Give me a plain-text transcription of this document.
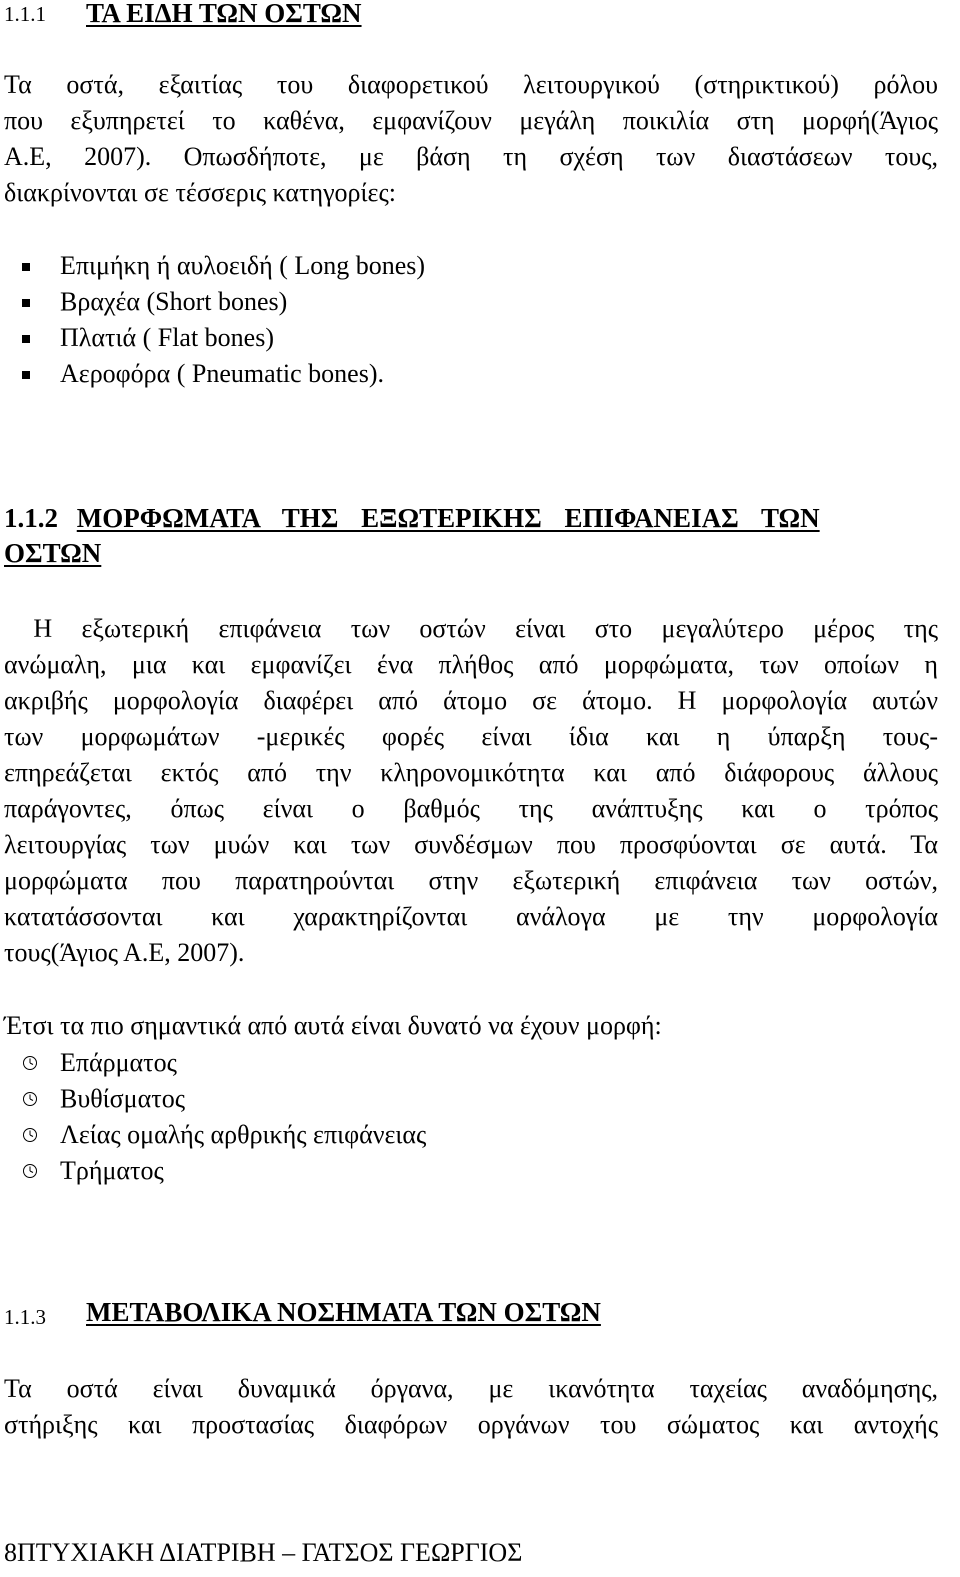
1.1.1 ΤΑ ΕΙΔΗ ΤΩΝ ΟΣΤΩΝ
Τα οστά, εξαιτίας του διαφορετικού λειτουργικού (στηρικτικού) ρόλου
που εξυπηρετεί το καθένα, εμφανίζουν μεγάλη ποικιλία στη μορφή(Άγιος
Α.Ε, 2007). Οπωσδήποτε, με βάση τη σχέση των διαστάσεων τους,
διακρίνονται σε τέσσερις κατηγορίες:
Επιμήκη ή αυλοειδή ( Long bones)
Βραχέα (Short bones)
Πλατιά ( Flat bones)
Αεροφόρα ( Pneumatic bones).
1.1.2 ΜΟΡΦΩΜΑΤΑ ΤΗΣ ΕΞΩΤΕΡΙΚΗΣ ΕΠΙΦΑΝΕΙΑΣ ΤΩΝ
ΟΣΤΩΝ
Η εξωτερική επιφάνεια των οστών είναι στο μεγαλύτερο μέρος της
ανώμαλη, μια και εμφανίζει ένα πλήθος από μορφώματα, των οποίων η
ακριβής μορφολογία διαφέρει από άτομο σε άτομο. Η μορφολογία αυτών
των μορφωμάτων -μερικές φορές είναι ίδια και η ύπαρξη τους-
επηρεάζεται εκτός από την κληρονομικότητα και από διάφορους άλλους
παράγοντες, όπως είναι ο βαθμός της ανάπτυξης και ο τρόπος
λειτουργίας των μυών και των συνδέσμων που προσφύονται σε αυτά. Τα
μορφώματα που παρατηρούνται στην εξωτερική επιφάνεια των οστών,
κατατάσσονται και χαρακτηρίζονται ανάλογα με την μορφολογία
τους(Άγιος Α.Ε, 2007).
Έτσι τα πιο σημαντικά από αυτά είναι δυνατό να έχουν μορφή:
Επάρματος
Βυθίσματος
Λείας ομαλής αρθρικής επιφάνειας
Τρήματος
1.1.3 ΜΕΤΑΒΟΛΙΚΑ ΝΟΣΗΜΑΤΑ ΤΩΝ ΟΣΤΩΝ
Τα οστά είναι δυναμικά όργανα, με ικανότητα ταχείας αναδόμησης,
στήριξης και προστασίας διαφόρων οργάνων του σώματος και αντοχής
8ΠΤΥΧΙΑΚΗ ΔΙΑΤΡΙΒΗ – ΓΑΤΣΟΣ ΓΕΩΡΓΙΟΣ
